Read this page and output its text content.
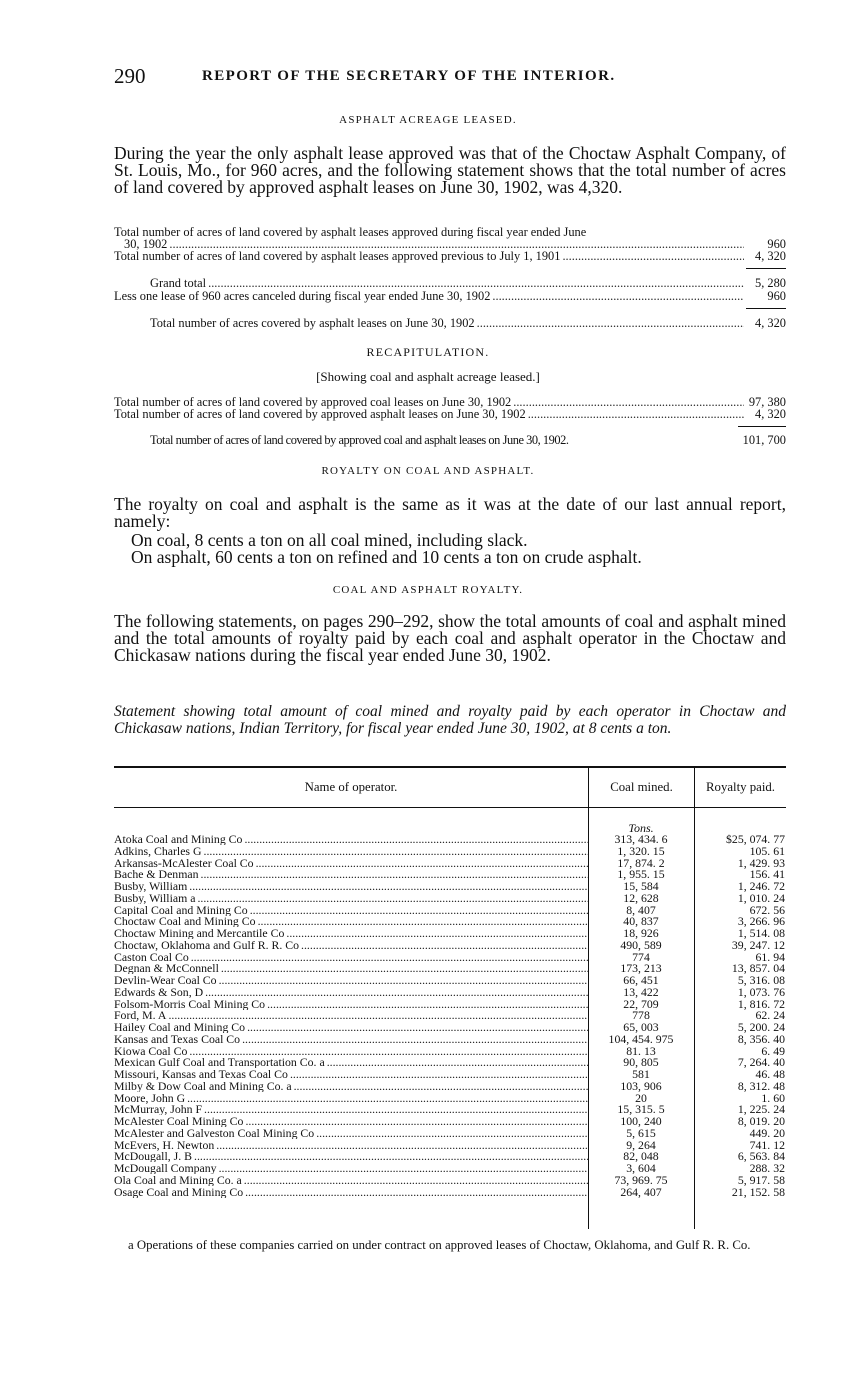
290	REPORT OF THE SECRETARY OF THE INTERIOR.
ASPHALT ACREAGE LEASED.
During the year the only asphalt lease approved was that of the Choctaw Asphalt Company, of St. Louis, Mo., for 960 acres, and the following statement shows that the total number of acres of land covered by approved asphalt leases on June 30, 1902, was 4,320.
Total number of acres of land covered by asphalt leases approved during fiscal year ended June
30, 1902 .....	960
Total number of acres of land covered by asphalt leases approved previous to July 1, 1901 .....	4, 320
Grand total .....	5, 280
Less one lease of 960 acres canceled during fiscal year ended June 30, 1902 .....	960
Total number of acres covered by asphalt leases on June 30, 1902 .....	4, 320
RECAPITULATION.
[Showing coal and asphalt acreage leased.]
Total number of acres of land covered by approved coal leases on June 30, 1902 .....	97, 380
Total number of acres of land covered by approved asphalt leases on June 30, 1902 .....	4, 320
Total number of acres of land covered by approved coal and asphalt leases on June 30, 1902.	101, 700
ROYALTY ON COAL AND ASPHALT.
The royalty on coal and asphalt is the same as it was at the date of our last annual report, namely:
On coal, 8 cents a ton on all coal mined, including slack.
On asphalt, 60 cents a ton on refined and 10 cents a ton on crude asphalt.
COAL AND ASPHALT ROYALTY.
The following statements, on pages 290–292, show the total amounts of coal and asphalt mined and the total amounts of royalty paid by each coal and asphalt operator in the Choctaw and Chickasaw nations during the fiscal year ended June 30, 1902.
Statement showing total amount of coal mined and royalty paid by each operator in Choctaw and Chickasaw nations, Indian Territory, for fiscal year ended June 30, 1902, at 8 cents a ton.
Name of operator.	Coal mined.	Royalty paid.
Tons.
Atoka Coal and Mining Co .....	313, 434. 6	$25, 074. 77
Adkins, Charles G .....	1, 320. 15	105. 61
Arkansas-McAlester Coal Co .....	17, 874. 2	1, 429. 93
Bache & Denman .....	1, 955. 15	156. 41
Busby, William .....	15, 584	1, 246. 72
Busby, William a .....	12, 628	1, 010. 24
Capital Coal and Mining Co .....	8, 407	672. 56
Choctaw Coal and Mining Co .....	40, 837	3, 266. 96
Choctaw Mining and Mercantile Co .....	18, 926	1, 514. 08
Choctaw, Oklahoma and Gulf R. R. Co .....	490, 589	39, 247. 12
Caston Coal Co .....	774	61. 94
Degnan & McConnell .....	173, 213	13, 857. 04
Devlin-Wear Coal Co .....	66, 451	5, 316. 08
Edwards & Son, D .....	13, 422	1, 073. 76
Folsom-Morris Coal Mining Co .....	22, 709	1, 816. 72
Ford, M. A .....	778	62. 24
Hailey Coal and Mining Co .....	65, 003	5, 200. 24
Kansas and Texas Coal Co .....	104, 454. 975	8, 356. 40
Kiowa Coal Co .....	81. 13	6. 49
Mexican Gulf Coal and Transportation Co. a .....	90, 805	7, 264. 40
Missouri, Kansas and Texas Coal Co .....	581	46. 48
Milby & Dow Coal and Mining Co. a .....	103, 906	8, 312. 48
Moore, John G .....	20	1. 60
McMurray, John F .....	15, 315. 5	1, 225. 24
McAlester Coal Mining Co .....	100, 240	8, 019. 20
McAlester and Galveston Coal Mining Co .....	5, 615	449. 20
McEvers, H. Newton .....	9, 264	741. 12
McDougall, J. B .....	82, 048	6, 563. 84
McDougall Company .....	3, 604	288. 32
Ola Coal and Mining Co. a .....	73, 969. 75	5, 917. 58
Osage Coal and Mining Co .....	264, 407	21, 152. 58
a Operations of these companies carried on under contract on approved leases of Choctaw, Oklahoma, and Gulf R. R. Co.
